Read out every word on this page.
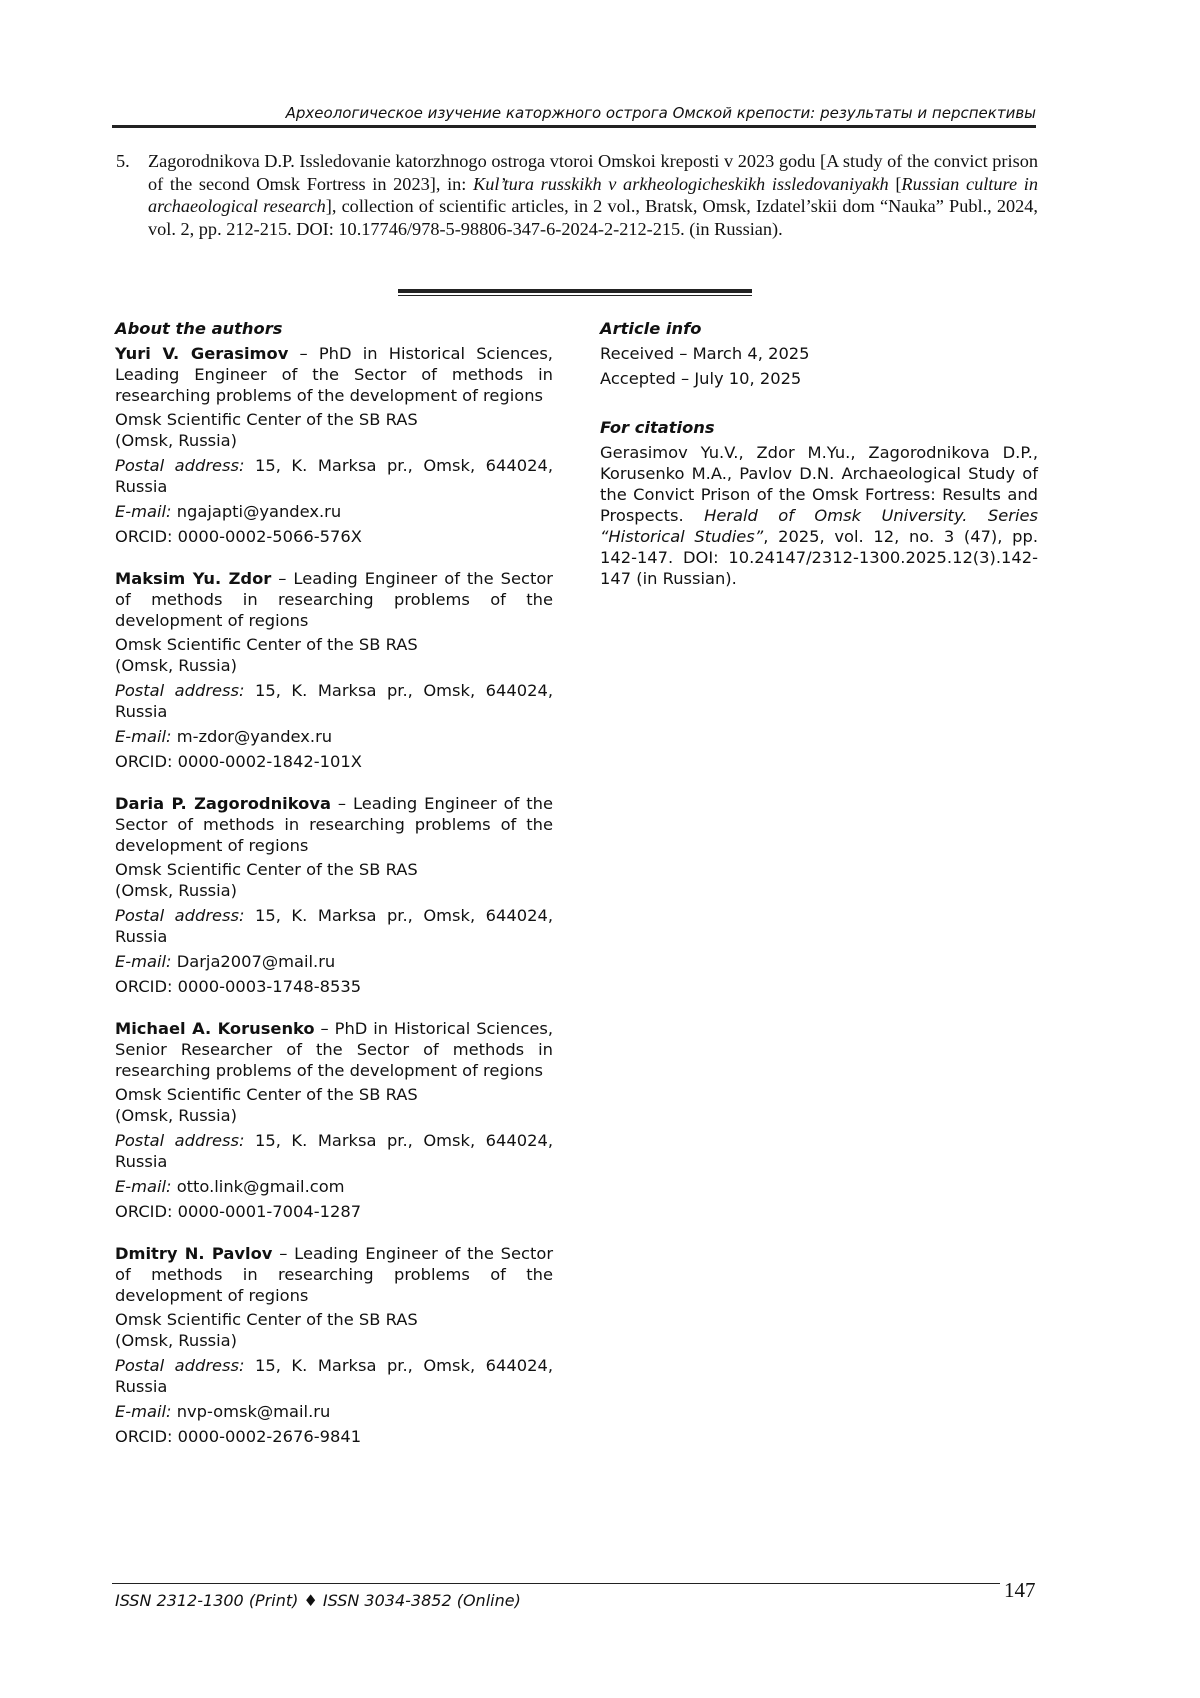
Археологическое изучение каторжного острога Омской крепости: результаты и перспективы
5. Zagorodnikova D.P. Issledovanie katorzhnogo ostroga vtoroi Omskoi kreposti v 2023 godu [A study of the convict prison of the second Omsk Fortress in 2023], in: Kul’tura russkikh v arkheologicheskikh issledovaniyakh [Russian culture in archaeological research], collection of scientific articles, in 2 vol., Bratsk, Omsk, Izdatel’skii dom “Nauka” Publ., 2024, vol. 2, pp. 212-215. DOI: 10.17746/978-5-98806-347-6-2024-2-212-215. (in Russian).
About the authors
Yuri V. Gerasimov – PhD in Historical Sciences, Leading Engineer of the Sector of methods in researching problems of the development of regions
Omsk Scientific Center of the SB RAS
(Omsk, Russia)
Postal address: 15, K. Marksa pr., Omsk, 644024, Russia
E-mail: ngajapti@yandex.ru
ORCID: 0000-0002-5066-576X
Maksim Yu. Zdor – Leading Engineer of the Sector of methods in researching problems of the development of regions
Omsk Scientific Center of the SB RAS
(Omsk, Russia)
Postal address: 15, K. Marksa pr., Omsk, 644024, Russia
E-mail: m-zdor@yandex.ru
ORCID: 0000-0002-1842-101X
Daria P. Zagorodnikova – Leading Engineer of the Sector of methods in researching problems of the development of regions
Omsk Scientific Center of the SB RAS
(Omsk, Russia)
Postal address: 15, K. Marksa pr., Omsk, 644024, Russia
E-mail: Darja2007@mail.ru
ORCID: 0000-0003-1748-8535
Michael A. Korusenko – PhD in Historical Sciences, Senior Researcher of the Sector of methods in researching problems of the development of regions
Omsk Scientific Center of the SB RAS
(Omsk, Russia)
Postal address: 15, K. Marksa pr., Omsk, 644024, Russia
E-mail: otto.link@gmail.com
ORCID: 0000-0001-7004-1287
Dmitry N. Pavlov – Leading Engineer of the Sector of methods in researching problems of the development of regions
Omsk Scientific Center of the SB RAS
(Omsk, Russia)
Postal address: 15, K. Marksa pr., Omsk, 644024, Russia
E-mail: nvp-omsk@mail.ru
ORCID: 0000-0002-2676-9841
Article info
Received – March 4, 2025
Accepted – July 10, 2025
For citations
Gerasimov Yu.V., Zdor M.Yu., Zagorodnikova D.P., Korusenko M.A., Pavlov D.N. Archaeological Study of the Convict Prison of the Omsk Fortress: Results and Prospects. Herald of Omsk University. Series “Historical Studies”, 2025, vol. 12, no. 3 (47), pp. 142-147. DOI: 10.24147/2312-1300.2025.12(3).142-147 (in Russian).
ISSN 2312-1300 (Print) ♦ ISSN 3034-3852 (Online)	147
